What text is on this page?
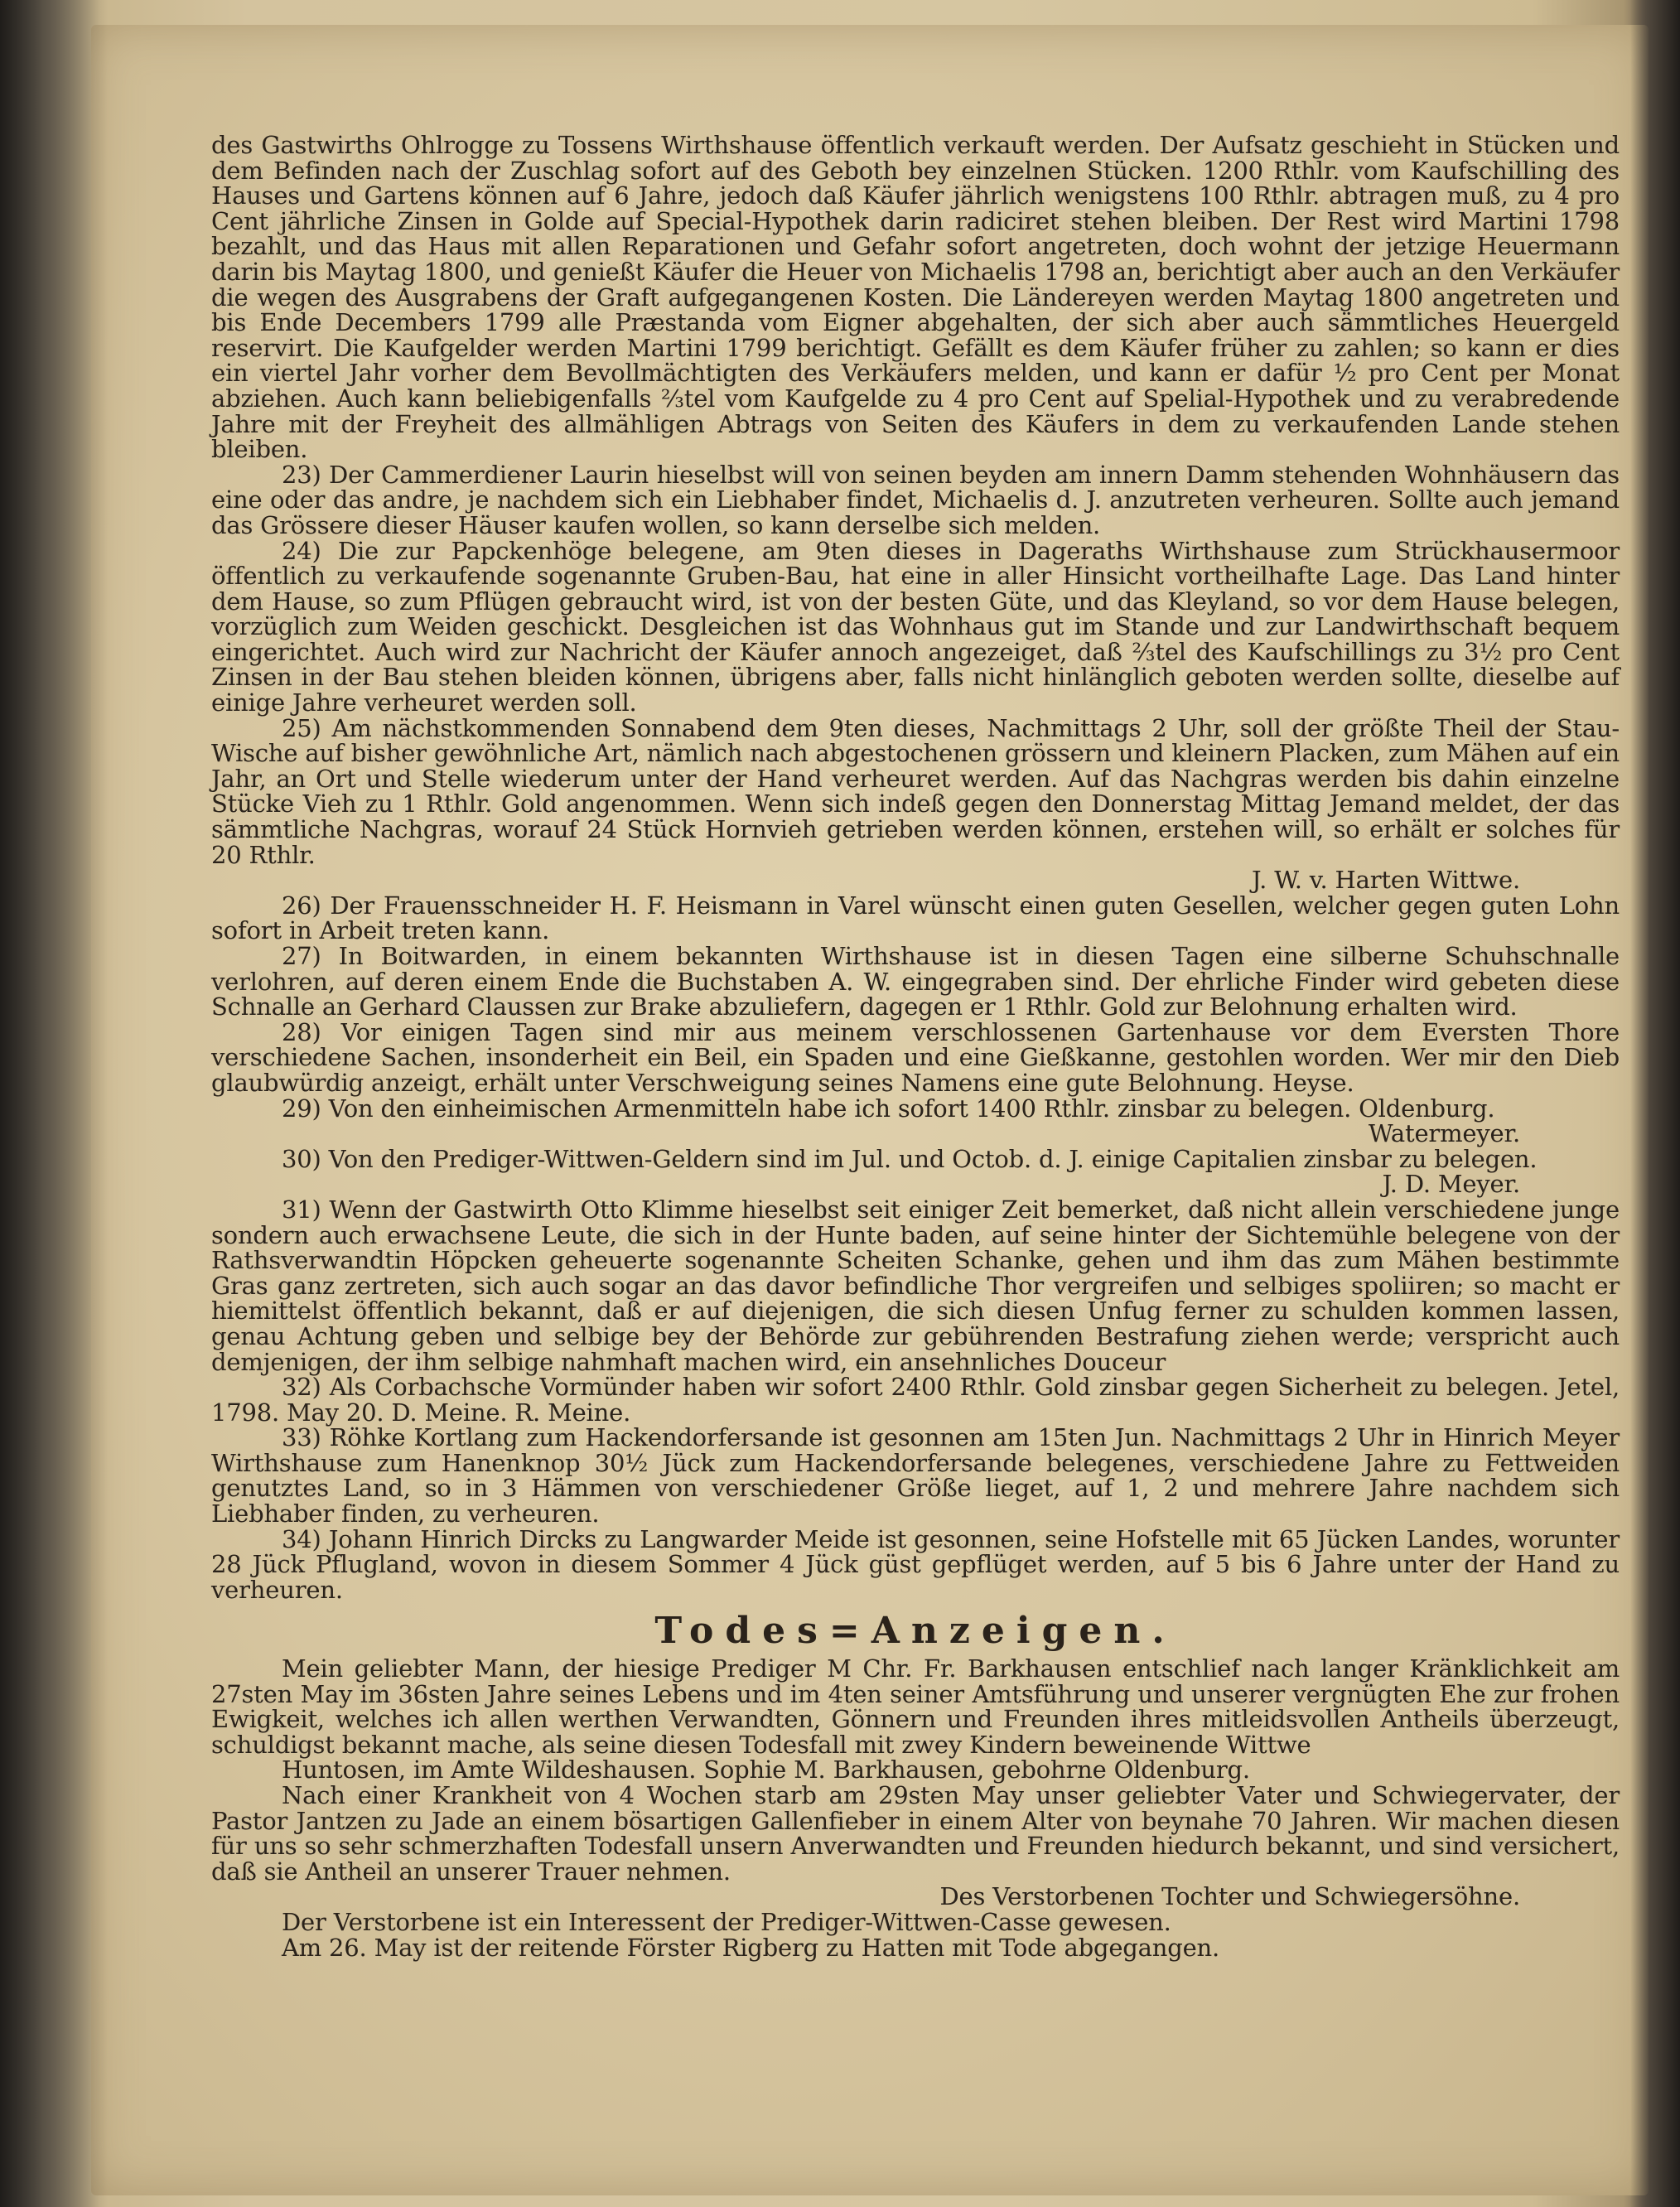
des Gastwirths Ohlrogge zu Tossens Wirthshause öffentlich verkauft werden. Der Aufsatz geschieht in Stücken und dem Befinden nach der Zuschlag sofort auf des Geboth bey einzelnen Stücken. 1200 Rthlr. vom Kaufschilling des Hauses und Gartens können auf 6 Jahre, jedoch daß Käufer jährlich wenigstens 100 Rthlr. abtragen muß, zu 4 pro Cent jährliche Zinsen in Golde auf Special-Hypothek darin radiciret stehen bleiben. Der Rest wird Martini 1798 bezahlt, und das Haus mit allen Reparationen und Gefahr sofort angetreten, doch wohnt der jetzige Heuermann darin bis Maytag 1800, und genießt Käufer die Heuer von Michaelis 1798 an, berichtigt aber auch an den Verkäufer die wegen des Ausgrabens der Graft aufgegangenen Kosten. Die Ländereyen werden Maytag 1800 angetreten und bis Ende Decembers 1799 alle Præstanda vom Eigner abgehalten, der sich aber auch sämmtliches Heuergeld reservirt. Die Kaufgelder werden Martini 1799 berichtigt. Gefällt es dem Käufer früher zu zahlen; so kann er dies ein viertel Jahr vorher dem Bevollmächtigten des Verkäufers melden, und kann er dafür ½ pro Cent per Monat abziehen. Auch kann beliebigenfalls ⅔tel vom Kaufgelde zu 4 pro Cent auf Spelial-Hypothek und zu verabredende Jahre mit der Freyheit des allmähligen Abtrags von Seiten des Käufers in dem zu verkaufenden Lande stehen bleiben.

23) Der Cammerdiener Laurin hieselbst will von seinen beyden am innern Damm stehenden Wohnhäusern das eine oder das andre, je nachdem sich ein Liebhaber findet, Michaelis d. J. anzutreten verheuren. Sollte auch jemand das Grössere dieser Häuser kaufen wollen, so kann derselbe sich melden.

24) Die zur Papckenhöge belegene, am 9ten dieses in Dageraths Wirthshause zum Strückhausermoor öffentlich zu verkaufende sogenannte Gruben-Bau, hat eine in aller Hinsicht vortheilhafte Lage. Das Land hinter dem Hause, so zum Pflügen gebraucht wird, ist von der besten Güte, und das Kleyland, so vor dem Hause belegen, vorzüglich zum Weiden geschickt. Desgleichen ist das Wohnhaus gut im Stande und zur Landwirthschaft bequem eingerichtet. Auch wird zur Nachricht der Käufer annoch angezeiget, daß ⅔tel des Kaufschillings zu 3½ pro Cent Zinsen in der Bau stehen bleiden können, übrigens aber, falls nicht hinlänglich geboten werden sollte, dieselbe auf einige Jahre verheuret werden soll.

25) Am nächstkommenden Sonnabend dem 9ten dieses, Nachmittags 2 Uhr, soll der größte Theil der Stau-Wische auf bisher gewöhnliche Art, nämlich nach abgestochenen grössern und kleinern Placken, zum Mähen auf ein Jahr, an Ort und Stelle wiederum unter der Hand verheuret werden. Auf das Nachgras werden bis dahin einzelne Stücke Vieh zu 1 Rthlr. Gold angenommen. Wenn sich indeß gegen den Donnerstag Mittag Jemand meldet, der das sämmtliche Nachgras, worauf 24 Stück Hornvieh getrieben werden können, erstehen will, so erhält er solches für 20 Rthlr.

J. W. v. Harten Wittwe.

26) Der Frauensschneider H. F. Heismann in Varel wünscht einen guten Gesellen, welcher gegen guten Lohn sofort in Arbeit treten kann.

27) In Boitwarden, in einem bekannten Wirthshause ist in diesen Tagen eine silberne Schuhschnalle verlohren, auf deren einem Ende die Buchstaben A. W. eingegraben sind. Der ehrliche Finder wird gebeten diese Schnalle an Gerhard Claussen zur Brake abzuliefern, dagegen er 1 Rthlr. Gold zur Belohnung erhalten wird.

28) Vor einigen Tagen sind mir aus meinem verschlossenen Gartenhause vor dem Eversten Thore verschiedene Sachen, insonderheit ein Beil, ein Spaden und eine Gießkanne, gestohlen worden. Wer mir den Dieb glaubwürdig anzeigt, erhält unter Verschweigung seines Namens eine gute Belohnung. Heyse.

29) Von den einheimischen Armenmitteln habe ich sofort 1400 Rthlr. zinsbar zu belegen. Oldenburg.

Watermeyer.

30) Von den Prediger-Wittwen-Geldern sind im Jul. und Octob. d. J. einige Capitalien zinsbar zu belegen.

J. D. Meyer.

31) Wenn der Gastwirth Otto Klimme hieselbst seit einiger Zeit bemerket, daß nicht allein verschiedene junge sondern auch erwachsene Leute, die sich in der Hunte baden, auf seine hinter der Sichtemühle belegene von der Rathsverwandtin Höpcken geheuerte sogenannte Scheiten Schanke, gehen und ihm das zum Mähen bestimmte Gras ganz zertreten, sich auch sogar an das davor befindliche Thor vergreifen und selbiges spoliiren; so macht er hiemittelst öffentlich bekannt, daß er auf diejenigen, die sich diesen Unfug ferner zu schulden kommen lassen, genau Achtung geben und selbige bey der Behörde zur gebührenden Bestrafung ziehen werde; verspricht auch demjenigen, der ihm selbige nahmhaft machen wird, ein ansehnliches Douceur

32) Als Corbachsche Vormünder haben wir sofort 2400 Rthlr. Gold zinsbar gegen Sicherheit zu belegen. Jetel, 1798. May 20. D. Meine. R. Meine.

33) Röhke Kortlang zum Hackendorfersande ist gesonnen am 15ten Jun. Nachmittags 2 Uhr in Hinrich Meyer Wirthshause zum Hanenknop 30½ Jück zum Hackendorfersande belegenes, verschiedene Jahre zu Fettweiden genutztes Land, so in 3 Hämmen von verschiedener Größe lieget, auf 1, 2 und mehrere Jahre nachdem sich Liebhaber finden, zu verheuren.

34) Johann Hinrich Dircks zu Langwarder Meide ist gesonnen, seine Hofstelle mit 65 Jücken Landes, worunter 28 Jück Pflugland, wovon in diesem Sommer 4 Jück güst gepflüget werden, auf 5 bis 6 Jahre unter der Hand zu verheuren.

Todes=Anzeigen.

Mein geliebter Mann, der hiesige Prediger M Chr. Fr. Barkhausen entschlief nach langer Kränklichkeit am 27sten May im 36sten Jahre seines Lebens und im 4ten seiner Amtsführung und unserer vergnügten Ehe zur frohen Ewigkeit, welches ich allen werthen Verwandten, Gönnern und Freunden ihres mitleidsvollen Antheils überzeugt, schuldigst bekannt mache, als seine diesen Todesfall mit zwey Kindern beweinende Wittwe

Huntosen, im Amte Wildeshausen. Sophie M. Barkhausen, gebohrne Oldenburg.

Nach einer Krankheit von 4 Wochen starb am 29sten May unser geliebter Vater und Schwiegervater, der Pastor Jantzen zu Jade an einem bösartigen Gallenfieber in einem Alter von beynahe 70 Jahren. Wir machen diesen für uns so sehr schmerzhaften Todesfall unsern Anverwandten und Freunden hiedurch bekannt, und sind versichert, daß sie Antheil an unserer Trauer nehmen.

Des Verstorbenen Tochter und Schwiegersöhne.

Der Verstorbene ist ein Interessent der Prediger-Wittwen-Casse gewesen.

Am 26. May ist der reitende Förster Rigberg zu Hatten mit Tode abgegangen.
